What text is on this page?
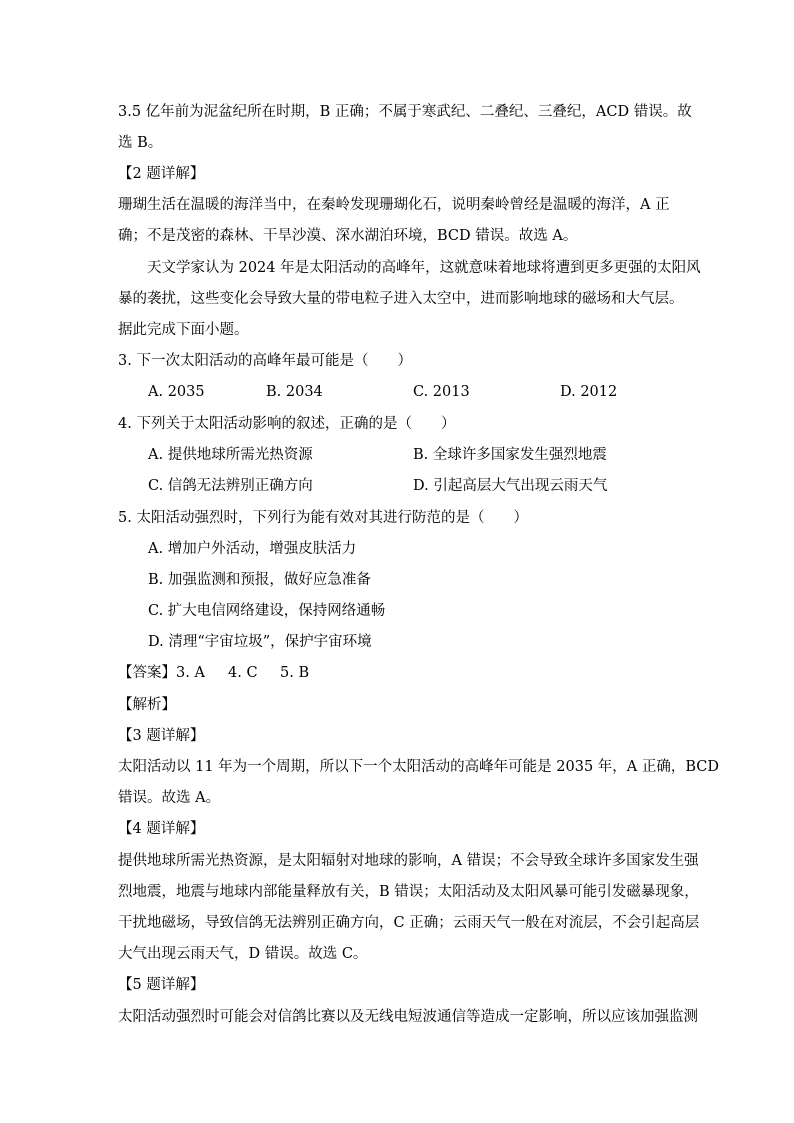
3.5 亿年前为泥盆纪所在时期，B 正确；不属于寒武纪、二叠纪、三叠纪，ACD 错误。故
选 B。
【2 题详解】
珊瑚生活在温暖的海洋当中，在秦岭发现珊瑚化石，说明秦岭曾经是温暖的海洋，A 正
确；不是茂密的森林、干旱沙漠、深水湖泊环境，BCD 错误。故选 A。
天文学家认为 2024 年是太阳活动的高峰年，这就意味着地球将遭到更多更强的太阳风
暴的袭扰，这些变化会导致大量的带电粒子进入太空中，进而影响地球的磁场和大气层。
据此完成下面小题。
3. 下一次太阳活动的高峰年最可能是（　　）
A. 2035	B. 2034	C. 2013	D. 2012
4. 下列关于太阳活动影响的叙述，正确的是（　　）
A. 提供地球所需光热资源	B. 全球许多国家发生强烈地震
C. 信鸽无法辨别正确方向	D. 引起高层大气出现云雨天气
5. 太阳活动强烈时，下列行为能有效对其进行防范的是（　　）
A. 增加户外活动，增强皮肤活力
B. 加强监测和预报，做好应急准备
C. 扩大电信网络建设，保持网络通畅
D. 清理“宇宙垃圾”，保护宇宙环境
【答案】3. A 4. C 5. B
【解析】
【3 题详解】
太阳活动以 11 年为一个周期，所以下一个太阳活动的高峰年可能是 2035 年，A 正确，BCD
错误。故选 A。
【4 题详解】
提供地球所需光热资源，是太阳辐射对地球的影响，A 错误；不会导致全球许多国家发生强
烈地震，地震与地球内部能量释放有关，B 错误；太阳活动及太阳风暴可能引发磁暴现象，
干扰地磁场，导致信鸽无法辨别正确方向，C 正确；云雨天气一般在对流层，不会引起高层
大气出现云雨天气，D 错误。故选 C。
【5 题详解】
太阳活动强烈时可能会对信鸽比赛以及无线电短波通信等造成一定影响，所以应该加强监测
